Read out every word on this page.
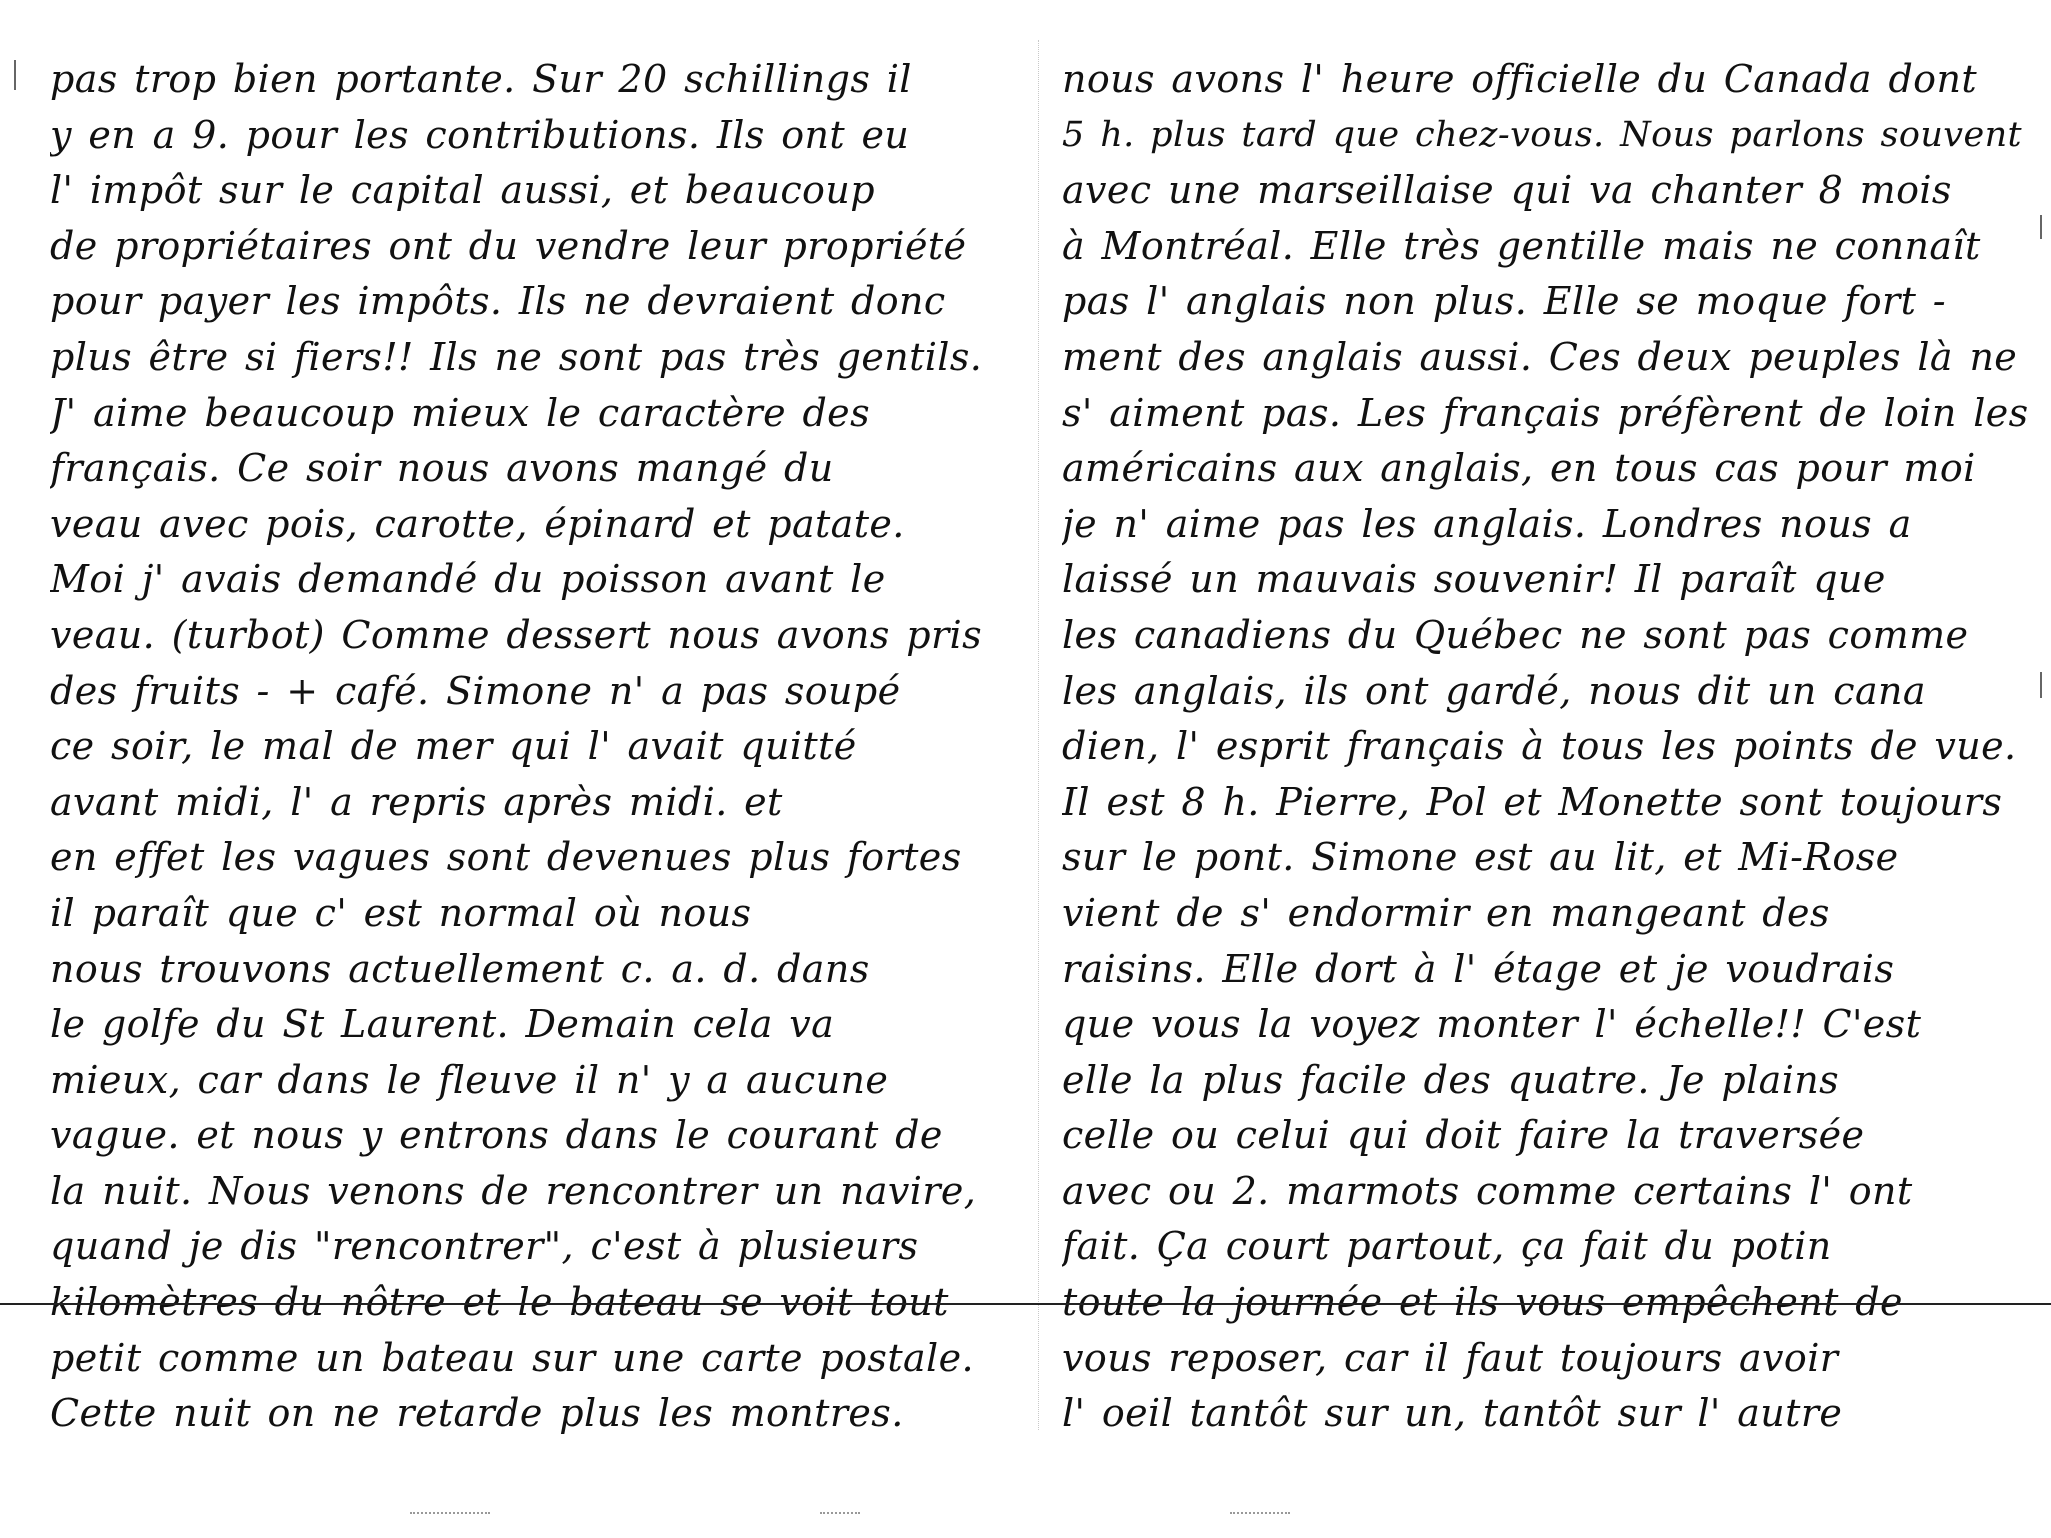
pas trop bien portante. Sur 20 schillings il
y en a 9. pour les contributions. Ils ont eu
l' impôt sur le capital aussi, et beaucoup
de propriétaires ont du vendre leur propriété
pour payer les impôts. Ils ne devraient donc
plus être si fiers!! Ils ne sont pas très gentils.
J' aime beaucoup mieux le caractère des
français. Ce soir nous avons mangé du
veau avec pois, carotte, épinard et patate.
Moi j' avais demandé du poisson avant le
veau. (turbot) Comme dessert nous avons pris
des fruits - + café. Simone n' a pas soupé
ce soir, le mal de mer qui l' avait quitté
avant midi, l' a repris après midi. et
en effet les vagues sont devenues plus fortes
il paraît que c' est normal où nous
nous trouvons actuellement c. a. d. dans
le golfe du St Laurent. Demain cela va
mieux, car dans le fleuve il n' y a aucune
vague. et nous y entrons dans le courant de
la nuit. Nous venons de rencontrer un navire,
quand je dis "rencontrer", c'est à plusieurs
kilomètres du nôtre et le bateau se voit tout
petit comme un bateau sur une carte postale.
Cette nuit on ne retarde plus les montres.
nous avons l' heure officielle du Canada dont
5 h. plus tard que chez-vous. Nous parlons souvent
avec une marseillaise qui va chanter 8 mois
à Montréal. Elle très gentille mais ne connaît
pas l' anglais non plus. Elle se moque fort -
ment des anglais aussi. Ces deux peuples là ne
s' aiment pas. Les français préfèrent de loin les
américains aux anglais, en tous cas pour moi
je n' aime pas les anglais. Londres nous a
laissé un mauvais souvenir! Il paraît que
les canadiens du Québec ne sont pas comme
les anglais, ils ont gardé, nous dit un cana
dien, l' esprit français à tous les points de vue.
Il est 8 h. Pierre, Pol et Monette sont toujours
sur le pont. Simone est au lit, et Mi-Rose
vient de s' endormir en mangeant des
raisins. Elle dort à l' étage et je voudrais
que vous la voyez monter l' échelle!! C'est
elle la plus facile des quatre. Je plains
celle ou celui qui doit faire la traversée
avec ou 2. marmots comme certains l' ont
fait. Ça court partout, ça fait du potin
toute la journée et ils vous empêchent de
vous reposer, car il faut toujours avoir
l' oeil tantôt sur un, tantôt sur l' autre
